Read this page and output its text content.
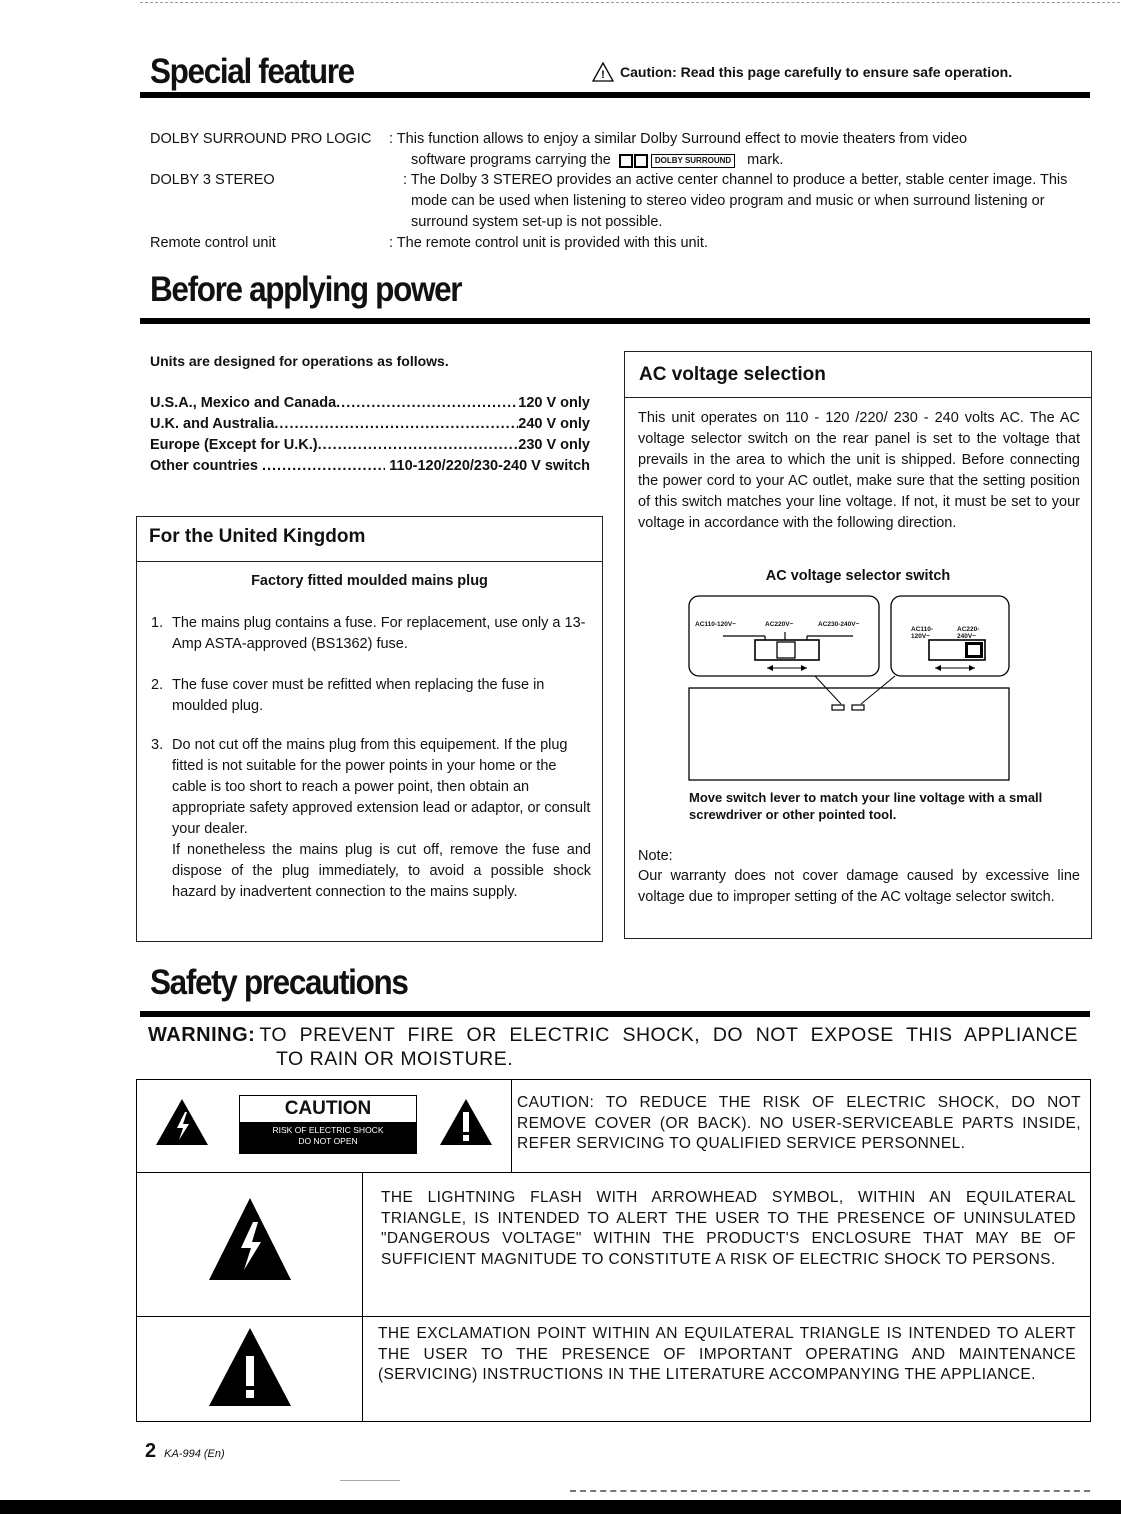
Special feature	! Caution: Read this page carefully to ensure safe operation.
DOLBY SURROUND PRO LOGIC : This function allows to enjoy a similar Dolby Surround effect to movie theaters from video
software programs carrying the	DOLBY SURROUND mark.
DOLBY 3 STEREO	: The Dolby 3 STEREO provides an active center channel to produce a better, stable center image. This mode can be used when listening to stereo video program and music or when surround listening or surround system set-up is not possible.
Remote control unit	: The remote control unit is provided with this unit.
Before applying power
Units are designed for operations as follows.
U.S.A., Mexico and Canada .....	120 V only
U.K. and Australia .....	240 V only
Europe (Except for U.K.) .....	230 V only
Other countries .....	110-120/220/230-240 V switch
For the United Kingdom
Factory fitted moulded mains plug
1. The mains plug contains a fuse. For replacement, use only a 13-Amp ASTA-approved (BS1362) fuse.
2. The fuse cover must be refitted when replacing the fuse in moulded plug.
3. Do not cut off the mains plug from this equipement. If the plug fitted is not suitable for the power points in your home or the cable is too short to reach a power point, then obtain an appropriate safety approved extension lead or adaptor, or consult your dealer.
If nonetheless the mains plug is cut off, remove the fuse and dispose of the plug immediately, to avoid a possible shock hazard by inadvertent connection to the mains supply.
AC voltage selection
This unit operates on 110 - 120 /220/ 230 - 240 volts AC. The AC voltage selector switch on the rear panel is set to the voltage that prevails in the area to which the unit is shipped. Before connecting the power cord to your AC outlet, make sure that the setting position of this switch matches your line voltage. If not, it must be set to your voltage in accordance with the following direction.
AC voltage selector switch
AC110-120V~	AC220V~	AC230-240V~
AC110-120V~
AC220-240V~
Move switch lever to match your line voltage with a small screwdriver or other pointed tool.
Note:
Our warranty does not cover damage caused by excessive line voltage due to improper setting of the AC voltage selector switch.
Safety precautions
WARNING: TO PREVENT FIRE OR ELECTRIC SHOCK, DO NOT EXPOSE THIS APPLIANCE
TO RAIN OR MOISTURE.
CAUTION
RISK OF ELECTRIC SHOCK
DO NOT OPEN
CAUTION: TO REDUCE THE RISK OF ELECTRIC SHOCK, DO NOT REMOVE COVER (OR BACK). NO USER-SERVICEABLE PARTS INSIDE, REFER SERVICING TO QUALIFIED SERVICE PERSONNEL.
THE LIGHTNING FLASH WITH ARROWHEAD SYMBOL, WITHIN AN EQUILATERAL TRIANGLE, IS INTENDED TO ALERT THE USER TO THE PRESENCE OF UNINSULATED "DANGEROUS VOLTAGE" WITHIN THE PRODUCT'S ENCLOSURE THAT MAY BE OF SUFFICIENT MAGNITUDE TO CONSTITUTE A RISK OF ELECTRIC SHOCK TO PERSONS.
THE EXCLAMATION POINT WITHIN AN EQUILATERAL TRIANGLE IS INTENDED TO ALERT THE USER TO THE PRESENCE OF IMPORTANT OPERATING AND MAINTENANCE (SERVICING) INSTRUCTIONS IN THE LITERATURE ACCOMPANYING THE APPLIANCE.
2 KA-994 (En)
